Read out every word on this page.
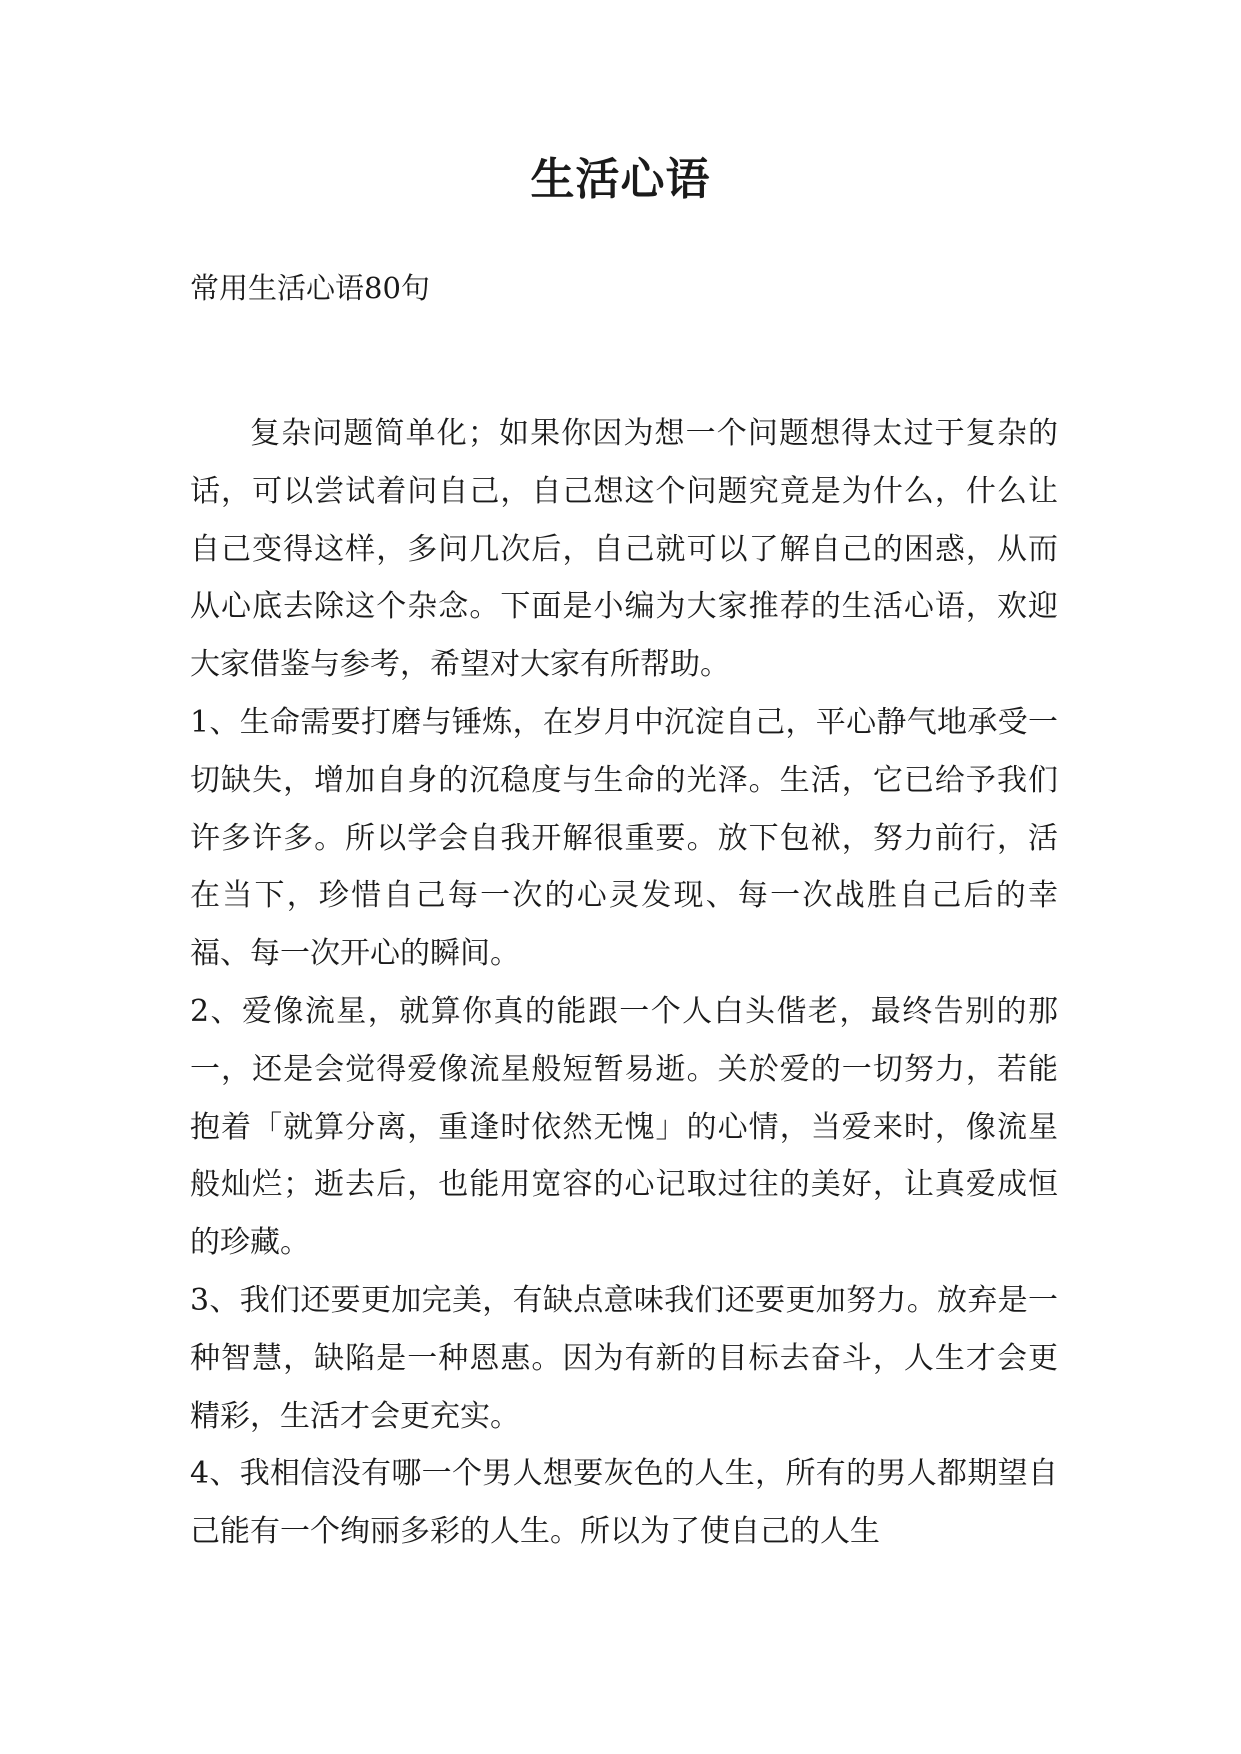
生活心语

常用生活心语80句

复杂问题简单化；如果你因为想一个问题想得太过于复杂的话，可以尝试着问自己，自己想这个问题究竟是为什么，什么让自己变得这样，多问几次后，自己就可以了解自己的困惑，从而从心底去除这个杂念。下面是小编为大家推荐的生活心语，欢迎大家借鉴与参考，希望对大家有所帮助。

1、生命需要打磨与锤炼，在岁月中沉淀自己，平心静气地承受一切缺失，增加自身的沉稳度与生命的光泽。生活，它已给予我们许多许多。所以学会自我开解很重要。放下包袱，努力前行，活在当下，珍惜自己每一次的心灵发现、每一次战胜自己后的幸福、每一次开心的瞬间。

2、爱像流星，就算你真的能跟一个人白头偕老，最终告别的那一，还是会觉得爱像流星般短暂易逝。关於爱的一切努力，若能抱着「就算分离，重逢时依然无愧」的心情，当爱来时，像流星般灿烂；逝去后，也能用宽容的心记取过往的美好，让真爱成恒的珍藏。

3、我们还要更加完美，有缺点意味我们还要更加努力。放弃是一种智慧，缺陷是一种恩惠。因为有新的目标去奋斗，人生才会更精彩，生活才会更充实。

4、我相信没有哪一个男人想要灰色的人生，所有的男人都期望自己能有一个绚丽多彩的人生。所以为了使自己的人生
